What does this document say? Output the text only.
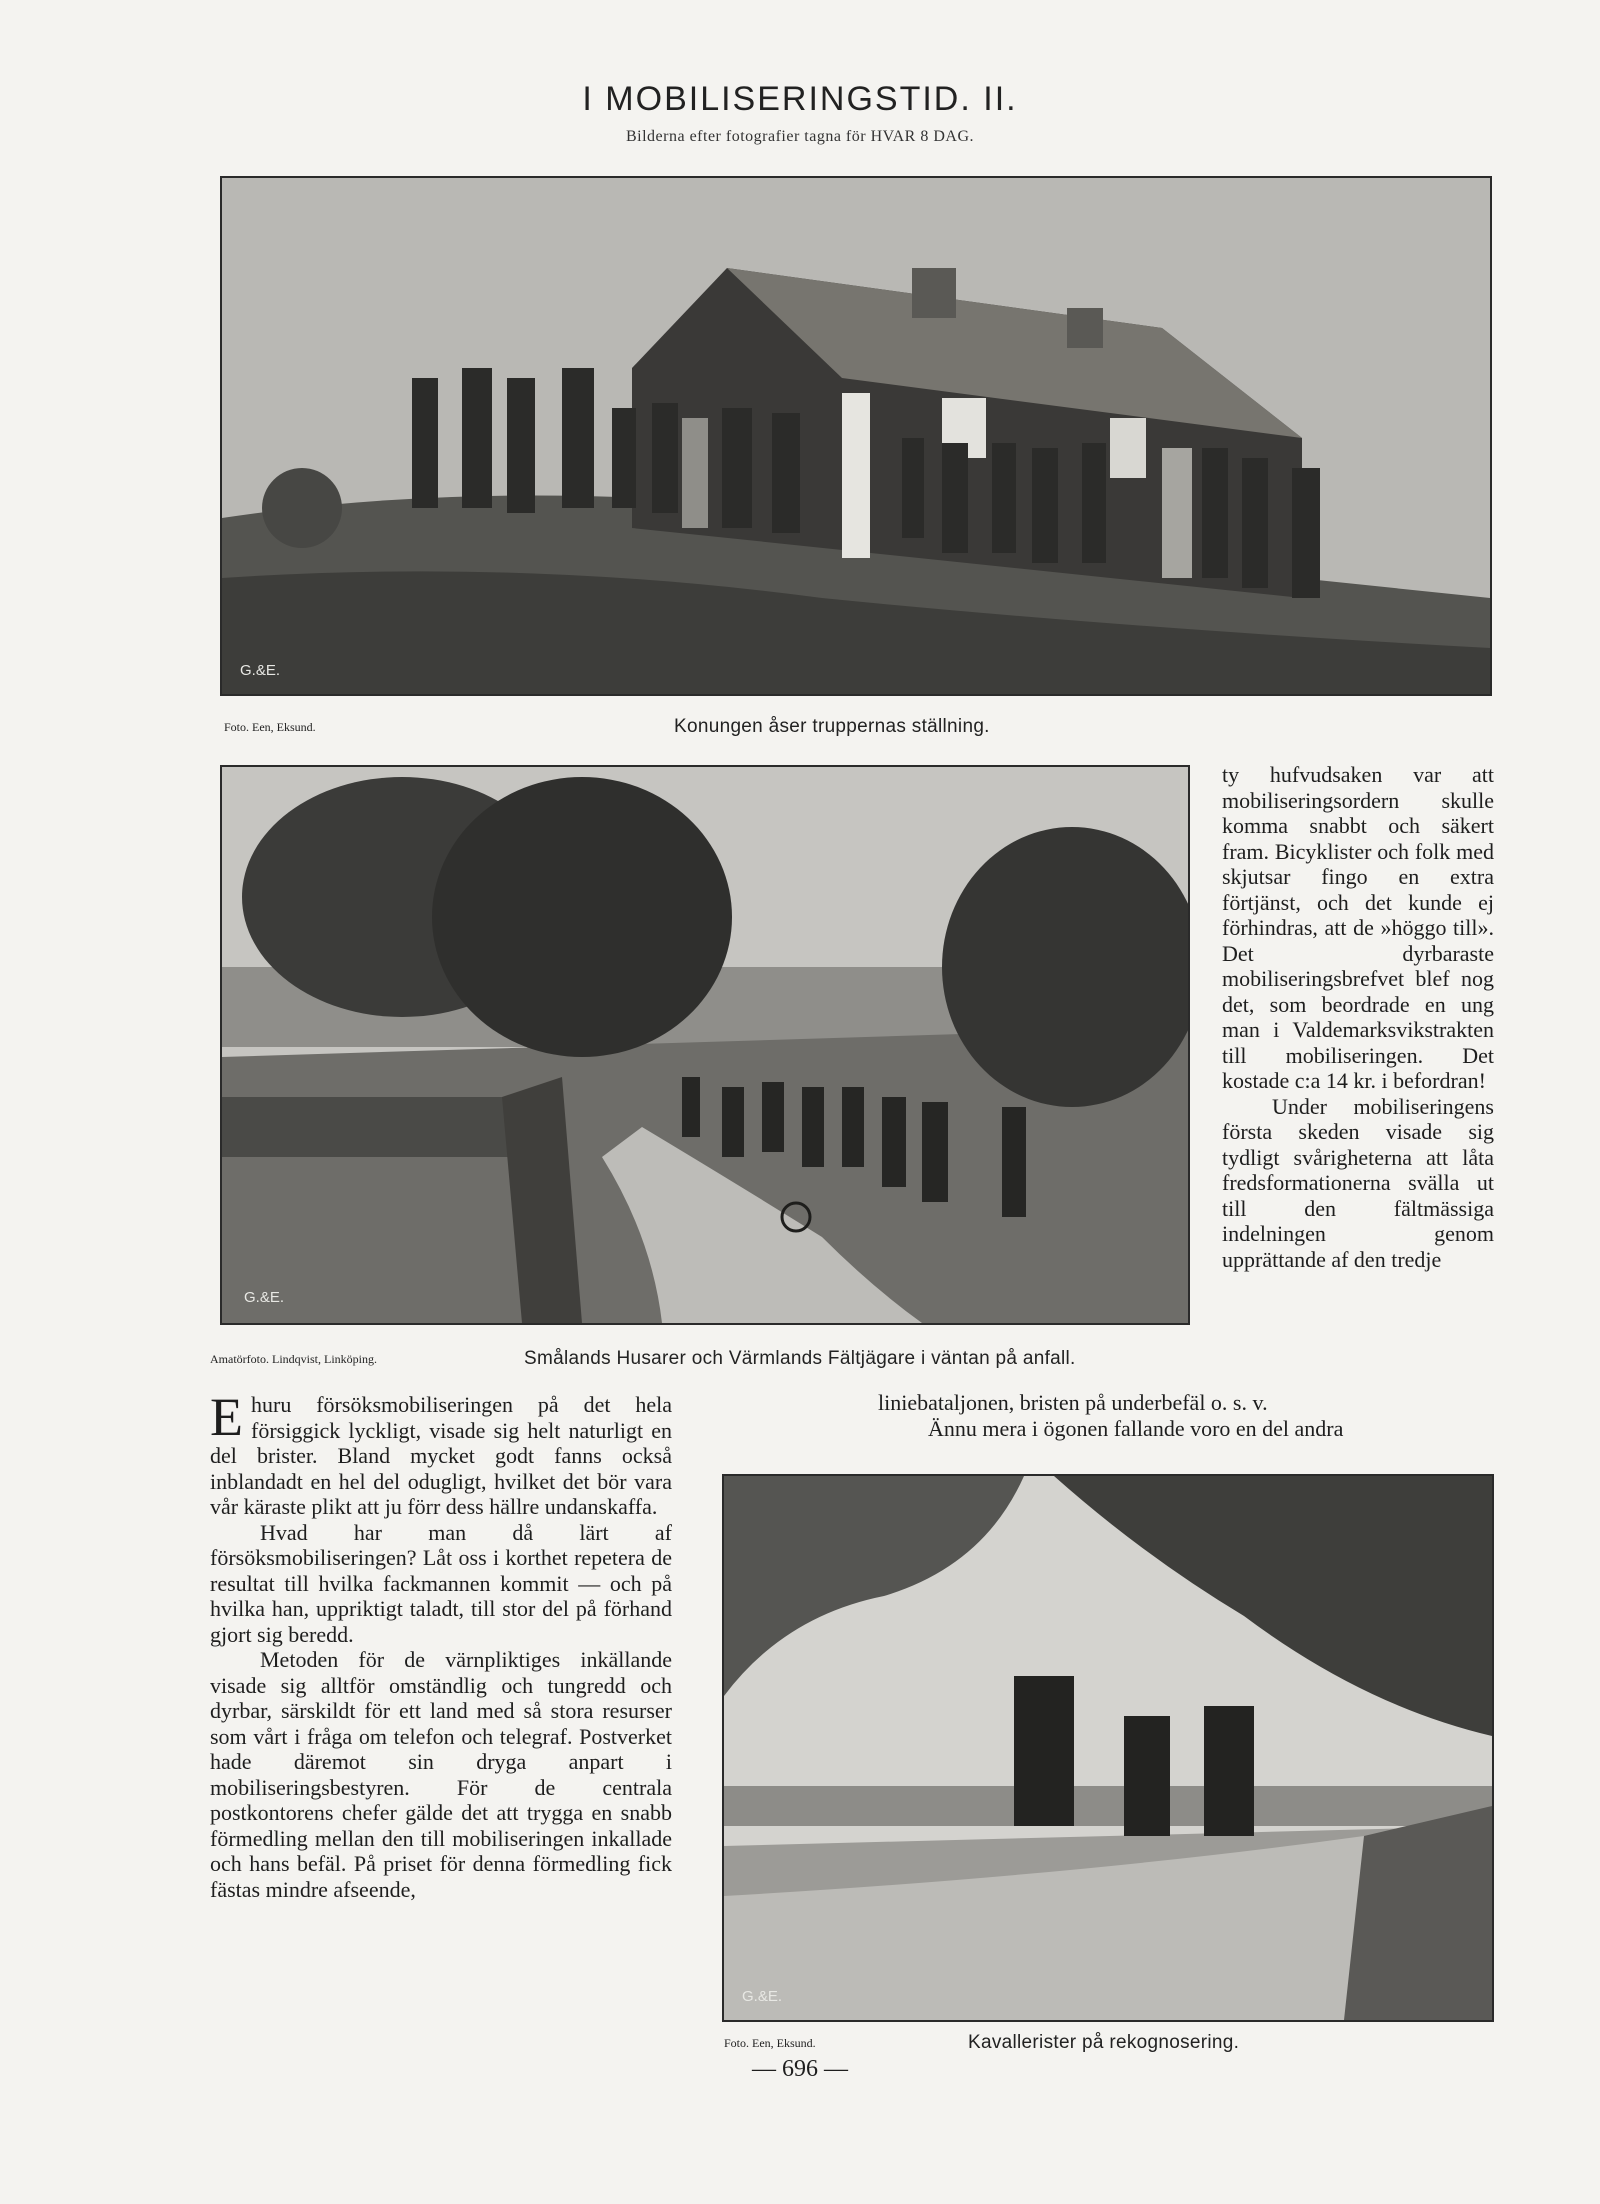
I MOBILISERINGSTID. II.
Bilderna efter fotografier tagna för HVAR 8 DAG.
G.&E.
Foto. Een, Eksund.	Konungen åser truppernas ställning.
G.&E.
Amatörfoto. Lindqvist, Linköping.	Smålands Husarer och Värmlands Fältjägare i väntan på anfall.

ty hufvudsaken var att mobiliseringsordern skulle komma snabbt och säkert fram. Bicyklister och folk med skjutsar fingo en extra förtjänst, och det kunde ej förhindras, att de »höggo till». Det dyrbaraste mobiliseringsbrefvet blef nog det, som beordrade en ung man i Valdemarksvikstrakten till mobiliseringen. Det kostade c:a 14 kr. i befordran!

Under mobiliseringens första skeden visade sig tydligt svårigheterna att låta fredsformationerna svälla ut till den fältmässiga indelningen genom upprättande af den tredje

Ehuru försöksmobiliseringen på det hela försiggick lyckligt, visade sig helt naturligt en del brister. Bland mycket godt fanns också inblandadt en hel del odugligt, hvilket det bör vara vår käraste plikt att ju förr dess hällre undanskaffa.

Hvad har man då lärt af försöksmobiliseringen? Låt oss i korthet repetera de resultat till hvilka fackmannen kommit — och på hvilka han, uppriktigt taladt, till stor del på förhand gjort sig beredd.

Metoden för de värnpliktiges inkällande visade sig alltför omständlig och tungredd och dyrbar, särskildt för ett land med så stora resurser som vårt i fråga om telefon och telegraf. Postverket hade däremot sin dryga anpart i mobiliseringsbestyren. För de centrala postkontorens chefer gälde det att trygga en snabb förmedling mellan den till mobiliseringen inkallade och hans befäl. På priset för denna förmedling fick fästas mindre afseende,

liniebataljonen, bristen på underbefäl o. s. v.
Ännu mera i ögonen fallande voro en del andra
G.&E.
Foto. Een, Eksund.	Kavallerister på rekognosering.
— 696 —
